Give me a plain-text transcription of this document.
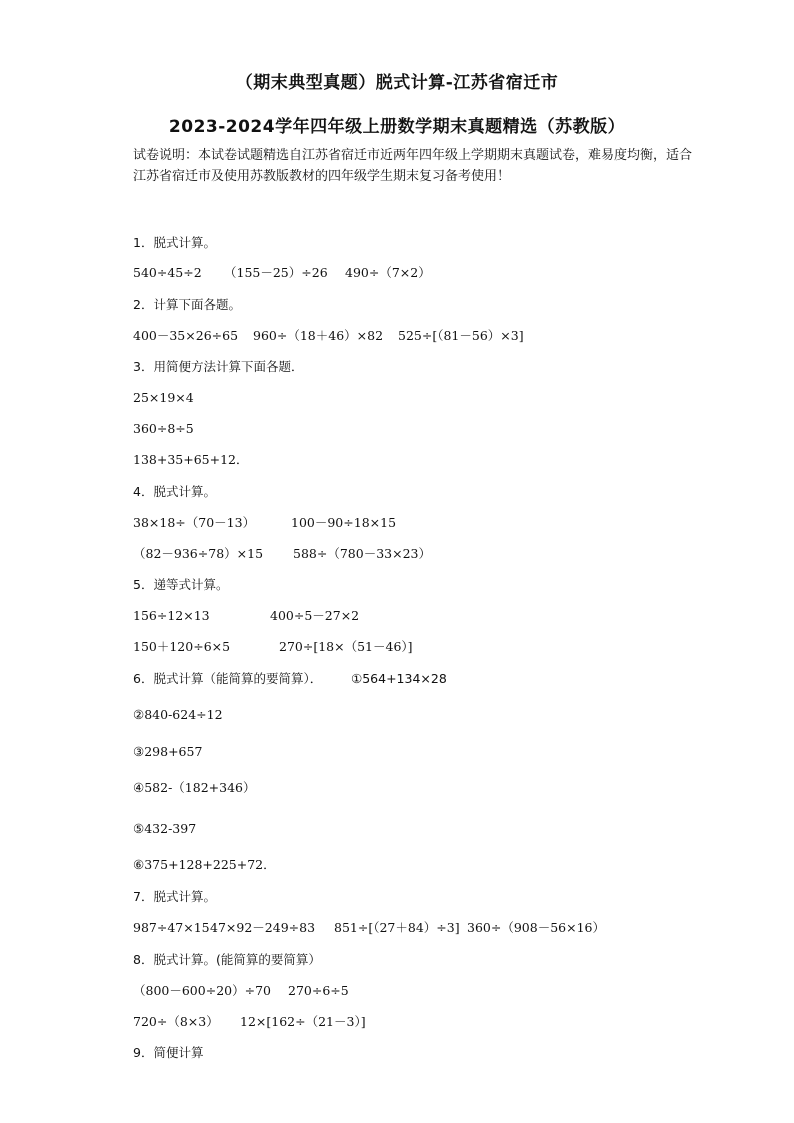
（期末典型真题）脱式计算-江苏省宿迁市
2023-2024学年四年级上册数学期末真题精选（苏教版）
试卷说明：本试卷试题精选自江苏省宿迁市近两年四年级上学期期末真题试卷，难易度均衡，适合江苏省宿迁市及使用苏教版教材的四年级学生期末复习备考使用！
1．脱式计算。
540÷45÷2 （155－25）÷26 490÷（7×2）
2．计算下面各题。
400－35×26÷65 960÷（18＋46）×82 525÷[（81－56）×3]
3．用简便方法计算下面各题．
25×19×4
360÷8÷5
138+35+65+12．
4．脱式计算。
38×18÷（70－13）	100－90÷18×15
（82－936÷78）×15 588÷（780－33×23）
5．递等式计算。
156÷12×13	400÷5－27×2
150＋120÷6×5	270÷[18×（51－46）]
6．脱式计算（能简算的要简算）． ①564+134×28
②840-624÷12
③298+657
④582-（182+346）
⑤432-397
⑥375+128+225+72．
7．脱式计算。
987÷47×1547×92－249÷83 851÷[（27＋84）÷3] 360÷（908－56×16）
8．脱式计算。(能简算的要简算）
（800－600÷20）÷70 270÷6÷5
720÷（8×3） 12×[162÷（21－3）]
9．简便计算
